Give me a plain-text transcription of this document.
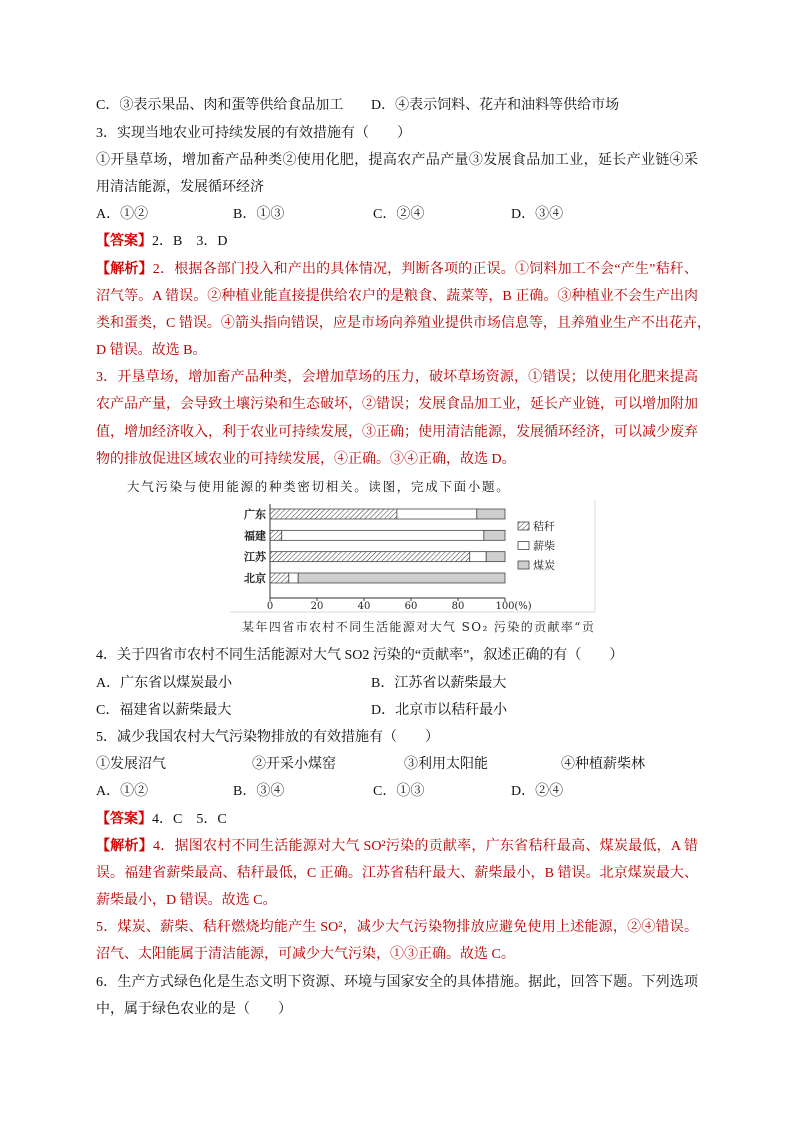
C．③表示果品、肉和蛋等供给食品加工 D．④表示饲料、花卉和油料等供给市场
3．实现当地农业可持续发展的有效措施有（　　）
①开垦草场，增加畜产品种类②使用化肥，提高农产品产量③发展食品加工业，延长产业链④采
用清洁能源，发展循环经济
A．①②	B．①③	C．②④	D．③④
【答案】2．B　3．D
【解析】2．根据各部门投入和产出的具体情况，判断各项的正误。①饲料加工不会“产生”秸秆、
沼气等。A 错误。②种植业能直接提供给农户的是粮食、蔬菜等，B 正确。③种植业不会生产出肉
类和蛋类，C 错误。④箭头指向错误，应是市场向养殖业提供市场信息等，且养殖业生产不出花卉，
D 错误。故选 B。
3．开垦草场，增加畜产品种类，会增加草场的压力，破坏草场资源，①错误；以使用化肥来提高
农产品产量，会导致土壤污染和生态破坏，②错误；发展食品加工业，延长产业链，可以增加附加
值，增加经济收入，利于农业可持续发展，③正确；使用清洁能源，发展循环经济，可以减少废弃
物的排放促进区域农业的可持续发展，④正确。③④正确，故选 D。
大气污染与使用能源的种类密切相关。读图，完成下面小题。
广东
福建
江苏
北京
0	20	40	60	80	100 (%)
秸秆
薪柴
煤炭
某年四省市农村不同生活能源对大气 SO₂ 污染的贡献率“贡
4．关于四省市农村不同生活能源对大气 SO2 污染的“贡献率”，叙述正确的有（　　）
A．广东省以煤炭最小	B．江苏省以薪柴最大
C．福建省以薪柴最大	D．北京市以秸秆最小
5．减少我国农村大气污染物排放的有效措施有（　　）
①发展沼气	②开采小煤窑	③利用太阳能	④种植薪柴林
A．①②	B．③④	C．①③	D．②④
【答案】4．C　5．C
【解析】4．据图农村不同生活能源对大气 SO²污染的贡献率，广东省秸秆最高、煤炭最低，A 错
误。福建省薪柴最高、秸秆最低，C 正确。江苏省秸秆最大、薪柴最小，B 错误。北京煤炭最大、
薪柴最小，D 错误。故选 C。
5．煤炭、薪柴、秸秆燃烧均能产生 SO²，减少大气污染物排放应避免使用上述能源，②④错误。
沼气、太阳能属于清洁能源，可减少大气污染，①③正确。故选 C。
6．生产方式绿色化是生态文明下资源、环境与国家安全的具体措施。据此，回答下题。下列选项
中，属于绿色农业的是（　　）
